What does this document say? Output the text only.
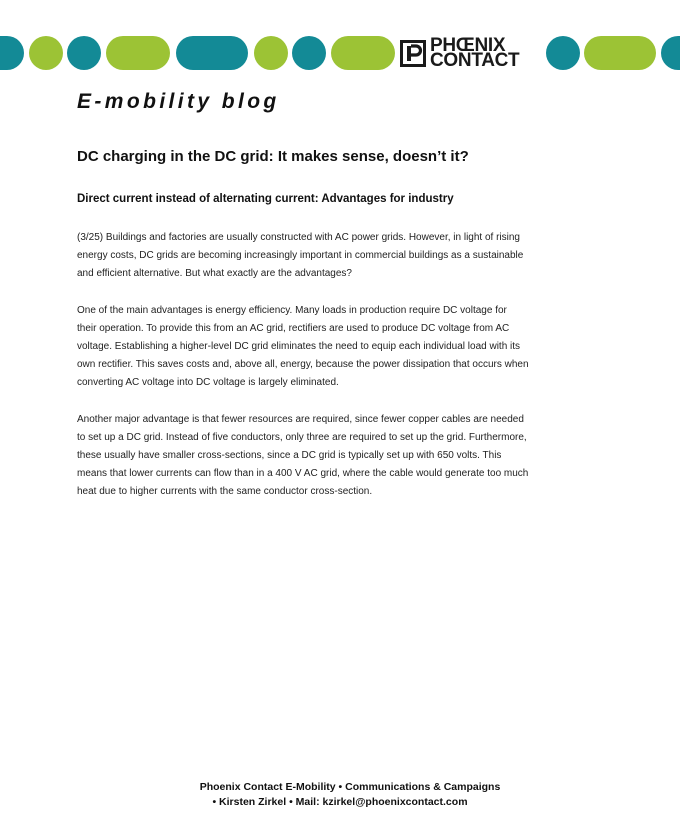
PHŒNIX
CONTACT
E-mobility blog
DC charging in the DC grid: It makes sense, doesn’t it?
Direct current instead of alternating current: Advantages for industry

(3/25) Buildings and factories are usually constructed with AC power grids. However, in light of rising energy costs, DC grids are becoming increasingly important in commercial buildings as a sustainable and efficient alternative. But what exactly are the advantages?

One of the main advantages is energy efficiency. Many loads in production require DC voltage for their operation. To provide this from an AC grid, rectifiers are used to produce DC voltage from AC voltage. Establishing a higher-level DC grid eliminates the need to equip each individual load with its own rectifier. This saves costs and, above all, energy, because the power dissipation that occurs when converting AC voltage into DC voltage is largely eliminated.

Another major advantage is that fewer resources are required, since fewer copper cables are needed to set up a DC grid. Instead of five conductors, only three are required to set up the grid. Furthermore, these usually have smaller cross-sections, since a DC grid is typically set up with 650 volts. This means that lower currents can flow than in a 400 V AC grid, where the cable would generate too much heat due to higher currents with the same conductor cross-section.

Phoenix Contact E-Mobility • Communications & Campaigns
• Kirsten Zirkel • Mail: kzirkel@phoenixcontact.com
